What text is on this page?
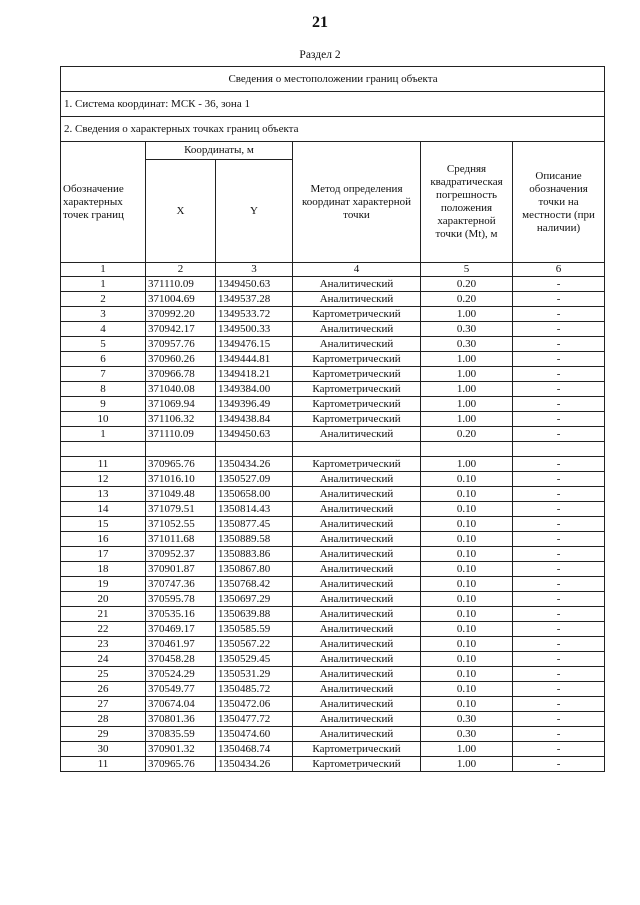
21
Раздел 2
Сведения о местоположении границ объекта					
1. Система координат: МСК - 36, зона 1					
2. Сведения о характерных точках границ объекта					
Обозначение характерных точек границ	Координаты, м		Метод определения координат характерной точки	Средняя квадратическая погрешность положения характерной точки (Mt), м	Описание обозначения точки на местности (при наличии)
	X	Y			
1	2	3	4	5	6
1	371110.09	1349450.63	Аналитический	0.20	-
2	371004.69	1349537.28	Аналитический	0.20	-
3	370992.20	1349533.72	Картометрический	1.00	-
4	370942.17	1349500.33	Аналитический	0.30	-
5	370957.76	1349476.15	Аналитический	0.30	-
6	370960.26	1349444.81	Картометрический	1.00	-
7	370966.78	1349418.21	Картометрический	1.00	-
8	371040.08	1349384.00	Картометрический	1.00	-
9	371069.94	1349396.49	Картометрический	1.00	-
10	371106.32	1349438.84	Картометрический	1.00	-
1	371110.09	1349450.63	Аналитический	0.20	-

11	370965.76	1350434.26	Картометрический	1.00	-
12	371016.10	1350527.09	Аналитический	0.10	-
13	371049.48	1350658.00	Аналитический	0.10	-
14	371079.51	1350814.43	Аналитический	0.10	-
15	371052.55	1350877.45	Аналитический	0.10	-
16	371011.68	1350889.58	Аналитический	0.10	-
17	370952.37	1350883.86	Аналитический	0.10	-
18	370901.87	1350867.80	Аналитический	0.10	-
19	370747.36	1350768.42	Аналитический	0.10	-
20	370595.78	1350697.29	Аналитический	0.10	-
21	370535.16	1350639.88	Аналитический	0.10	-
22	370469.17	1350585.59	Аналитический	0.10	-
23	370461.97	1350567.22	Аналитический	0.10	-
24	370458.28	1350529.45	Аналитический	0.10	-
25	370524.29	1350531.29	Аналитический	0.10	-
26	370549.77	1350485.72	Аналитический	0.10	-
27	370674.04	1350472.06	Аналитический	0.10	-
28	370801.36	1350477.72	Аналитический	0.30	-
29	370835.59	1350474.60	Аналитический	0.30	-
30	370901.32	1350468.74	Картометрический	1.00	-
11	370965.76	1350434.26	Картометрический	1.00	-
